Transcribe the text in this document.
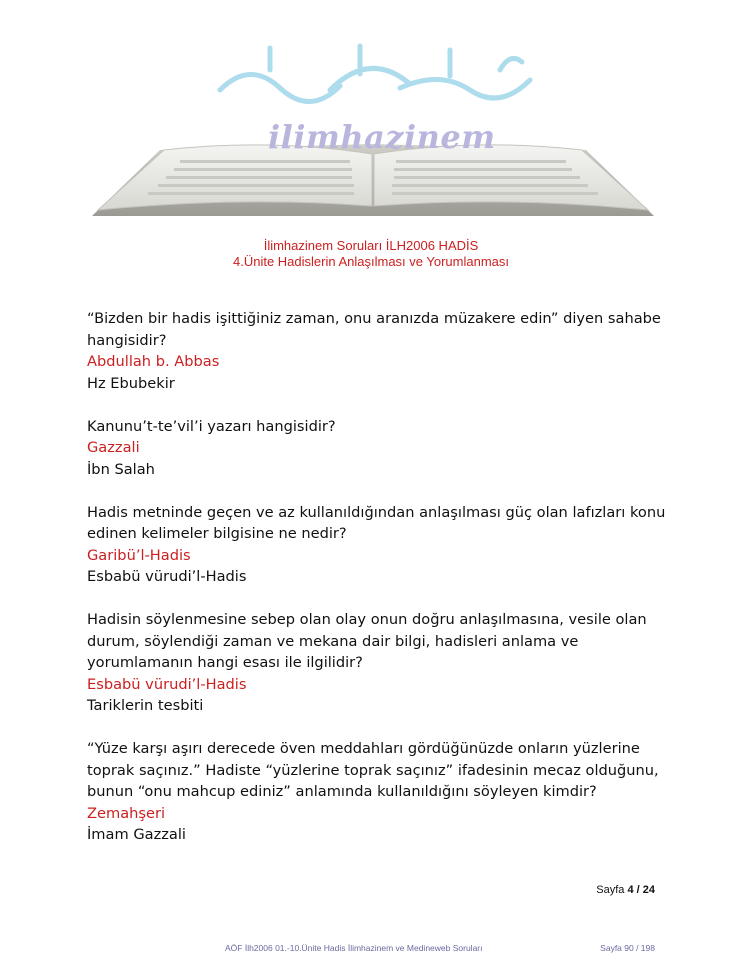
ilimhazinem
İlimhazinem Soruları İLH2006 HADİS
4.Ünite Hadislerin Anlaşılması ve Yorumlanması

“Bizden bir hadis işittiğiniz zaman, onu aranızda müzakere edin” diyen sahabe hangisidir?

Abdullah b. Abbas

Hz Ebubekir

Kanunu’t-te’vil’i yazarı hangisidir?

Gazzali

İbn Salah

Hadis metninde geçen ve az kullanıldığından anlaşılması güç olan lafızları konu edinen kelimeler bilgisine ne nedir?

Garibü’l-Hadis

Esbabü vürudi’l-Hadis

Hadisin söylenmesine sebep olan olay onun doğru anlaşılmasına, vesile olan durum, söylendiği zaman ve mekana dair bilgi, hadisleri anlama ve yorumlamanın hangi esası ile ilgilidir?

Esbabü vürudi’l-Hadis

Tariklerin tesbiti

“Yüze karşı aşırı derecede öven meddahları gördüğünüzde onların yüzlerine toprak saçınız.” Hadiste “yüzlerine toprak saçınız” ifadesinin mecaz olduğunu, bunun “onu mahcup ediniz” anlamında kullanıldığını söyleyen kimdir?

Zemahşeri

İmam Gazzali

Sayfa 4 / 24
AÖF İlh2006 01.-10.Ünite Hadis İlimhazinem ve Medineweb Soruları	Sayfa 90 / 198
